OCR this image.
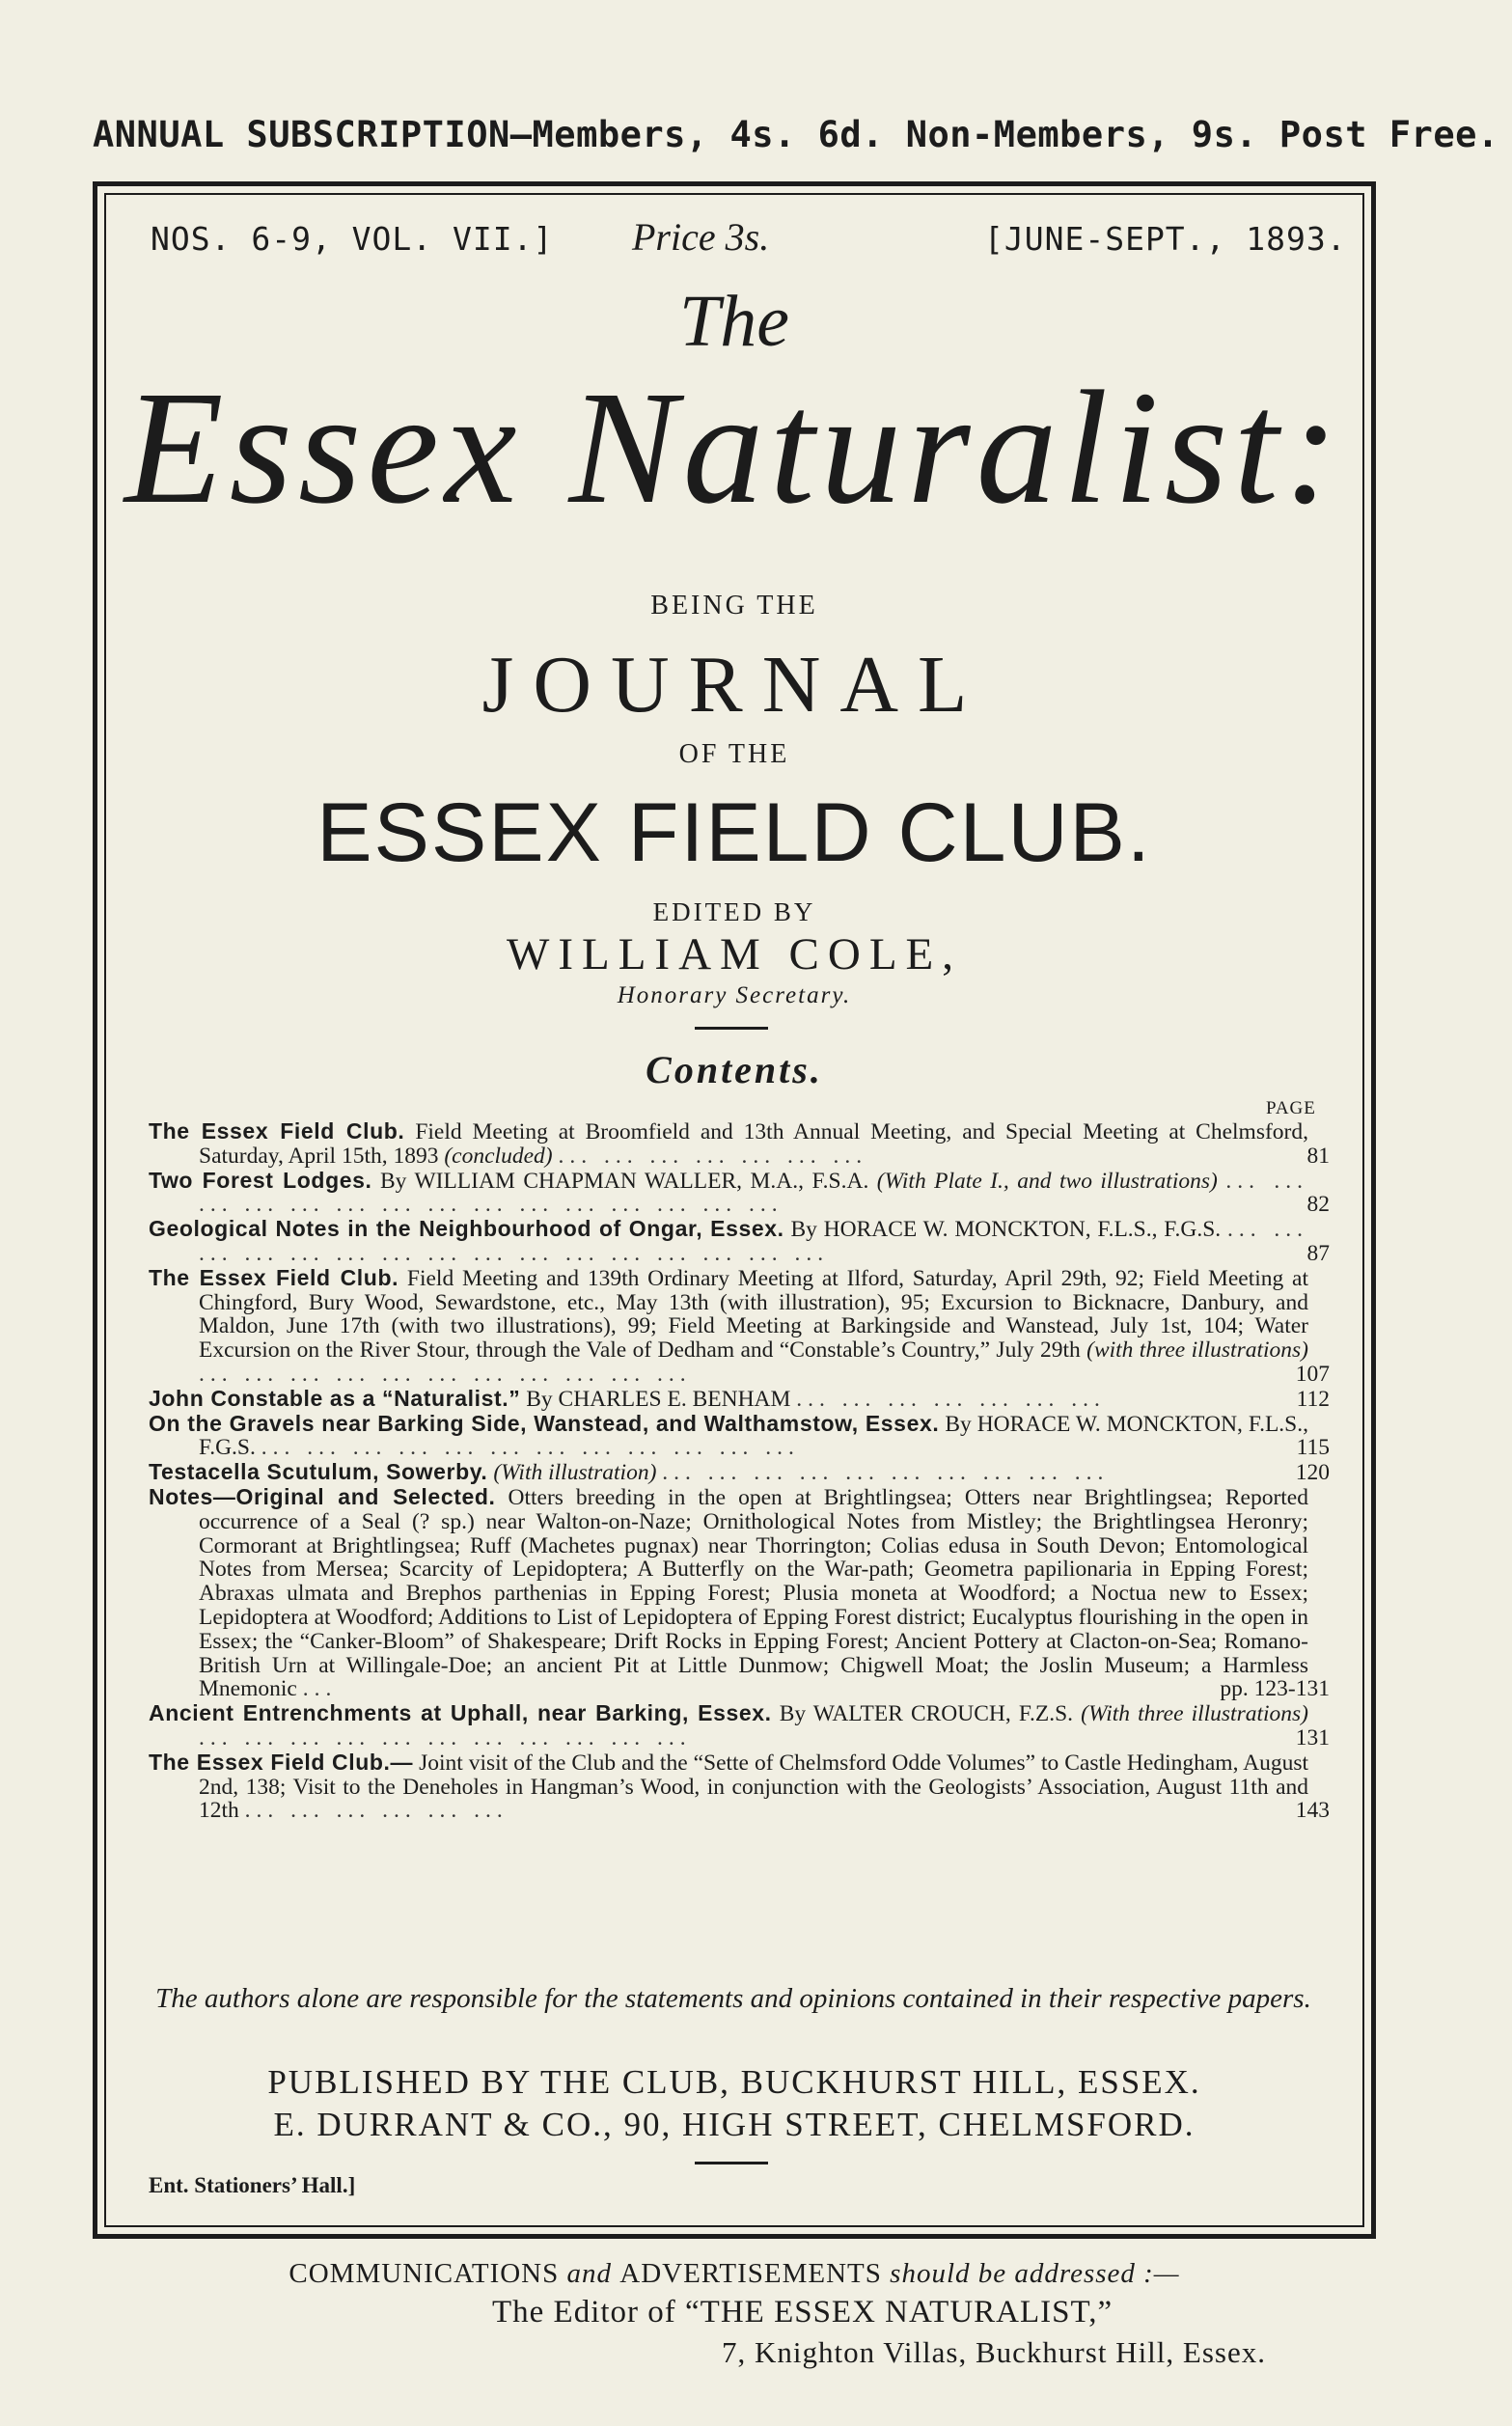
ANNUAL SUBSCRIPTION—Members, 4s. 6d. Non-Members, 9s. Post Free.
NOS. 6-9, VOL. VII.] Price 3s.	[JUNE-SEPT., 1893.
The
Essex Naturalist:
BEING THE
JOURNAL
OF THE
ESSEX FIELD CLUB.
EDITED BY
WILLIAM COLE,
Honorary Secretary.
Contents.
PAGE
The Essex Field Club. Field Meeting at Broomfield and 13th Annual Meeting, and Special Meeting at Chelmsford, Saturday, April 15th, 1893 (concluded) ... ... ... ... ... ... ...	81
Two Forest Lodges. By WILLIAM CHAPMAN WALLER, M.A., F.S.A. (With Plate I., and two illustrations) ... ... ... ... ... ... ... ... ... ... ... ... ... ... ...	82
Geological Notes in the Neighbourhood of Ongar, Essex. By HORACE W. MONCKTON, F.L.S., F.G.S. ... ... ... ... ... ... ... ... ... ... ... ... ... ... ... ...	87
The Essex Field Club. Field Meeting and 139th Ordinary Meeting at Ilford, Saturday, April 29th, 92; Field Meeting at Chingford, Bury Wood, Sewardstone, etc., May 13th (with illustration), 95; Excursion to Bicknacre, Danbury, and Maldon, June 17th (with two illustrations), 99; Field Meeting at Barkingside and Wanstead, July 1st, 104; Water Excursion on the River Stour, through the Vale of Dedham and “Constable’s Country,” July 29th (with three illustrations) ... ... ... ... ... ... ... ... ... ... ...	107
John Constable as a “Naturalist.” By CHARLES E. BENHAM ... ... ... ... ... ... ...	112
On the Gravels near Barking Side, Wanstead, and Walthamstow, Essex. By HORACE W. MONCKTON, F.L.S., F.G.S. ... ... ... ... ... ... ... ... ... ... ... ...	115
Testacella Scutulum, Sowerby. (With illustration) ... ... ... ... ... ... ... ... ... ...	120
Notes—Original and Selected. Otters breeding in the open at Brightlingsea; Otters near Brightlingsea; Reported occurrence of a Seal (? sp.) near Walton-on-Naze; Ornithological Notes from Mistley; the Brightlingsea Heronry; Cormorant at Brightlingsea; Ruff (Machetes pugnax) near Thorrington; Colias edusa in South Devon; Entomological Notes from Mersea; Scarcity of Lepidoptera; A Butterfly on the War-path; Geometra papilionaria in Epping Forest; Abraxas ulmata and Brephos parthenias in Epping Forest; Plusia moneta at Woodford; a Noctua new to Essex; Lepidoptera at Woodford; Additions to List of Lepidoptera of Epping Forest district; Eucalyptus flourishing in the open in Essex; the “Canker-Bloom” of Shakespeare; Drift Rocks in Epping Forest; Ancient Pottery at Clacton-on-Sea; Romano-British Urn at Willingale-Doe; an ancient Pit at Little Dunmow; Chigwell Moat; the Joslin Museum; a Harmless Mnemonic ...	pp. 123-131
Ancient Entrenchments at Uphall, near Barking, Essex. By WALTER CROUCH, F.Z.S. (With three illustrations) ... ... ... ... ... ... ... ... ... ... ...	131
The Essex Field Club.— Joint visit of the Club and the “Sette of Chelmsford Odde Volumes” to Castle Hedingham, August 2nd, 138; Visit to the Deneholes in Hangman’s Wood, in conjunction with the Geologists’ Association, August 11th and 12th ... ... ... ... ... ...	143
The authors alone are responsible for the statements and opinions contained in their respective papers.
PUBLISHED BY THE CLUB, BUCKHURST HILL, ESSEX.
E. DURRANT & CO., 90, HIGH STREET, CHELMSFORD.
Ent. Stationers’ Hall.]
COMMUNICATIONS and ADVERTISEMENTS should be addressed :—
The Editor of “THE ESSEX NATURALIST,”
7, Knighton Villas, Buckhurst Hill, Essex.
